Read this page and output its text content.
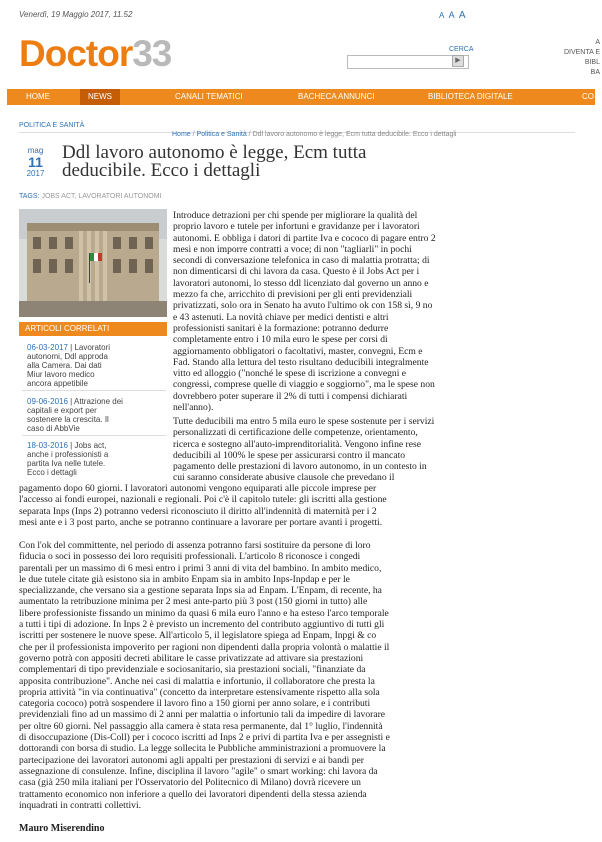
Venerdì, 19 Maggio 2017, 11.52	A A A
Doctor33	CERCA
▶
A
DIVENTA E
BIBL
BA
HOME	NEWS	CANALI TEMATICI	BACHECA ANNUNCI	BIBLIOTECA DIGITALE	CO
POLITICA E SANITÀ
Home / Politica e Sanità / Ddl lavoro autonomo è legge, Ecm tutta deducibile. Ecco i dettagli
mag
11
2017
Ddl lavoro autonomo è legge, Ecm tutta
deducibile. Ecco i dettagli
TAGS: JOBS ACT, LAVORATORI AUTONOMI
ARTICOLI CORRELATI
06-03-2017 | Lavoratori
autonomi, Ddl approda
alla Camera. Dai dati
Miur lavoro medico
ancora appetibile
09-06-2016 | Attrazione dei
capitali e export per
sostenere la crescita. Il
caso di AbbVie
18-03-2016 | Jobs act,
anche i professionisti a
partita Iva nelle tutele.
Ecco i dettagli
Introduce detrazioni per chi spende per migliorare la qualità del
proprio lavoro e tutele per infortuni e gravidanze per i lavoratori
autonomi. E obbliga i datori di partite Iva e cococo di pagare entro 2
mesi e non imporre contratti a voce; di non "tagliarli" in pochi
secondi di conversazione telefonica in caso di malattia protratta; di
non dimenticarsi di chi lavora da casa. Questo è il Jobs Act per i
lavoratori autonomi, lo stesso ddl licenziato dal governo un anno e
mezzo fa che, arricchito di previsioni per gli enti previdenziali
privatizzati, solo ora in Senato ha avuto l'ultimo ok con 158 sì, 9 no
e 43 astenuti. La novità chiave per medici dentisti e altri
professionisti sanitari è la formazione: potranno dedurre
completamente entro i 10 mila euro le spese per corsi di
aggiornamento obbligatori o facoltativi, master, convegni, Ecm e
Fad. Stando alla lettura del testo risultano deducibili integralmente
vitto ed alloggio ("nonché le spese di iscrizione a convegni e
congressi, comprese quelle di viaggio e soggiorno", ma le spese non
dovrebbero poter superare il 2% di tutti i compensi dichiarati
nell'anno).
Tutte deducibili ma entro 5 mila euro le spese sostenute per i servizi
personalizzati di certificazione delle competenze, orientamento,
ricerca e sostegno all'auto-imprenditorialità. Vengono infine rese
deducibili al 100% le spese per assicurarsi contro il mancato
pagamento delle prestazioni di lavoro autonomo, in un contesto in
cui saranno considerate abusive clausole che prevedano il
pagamento dopo 60 giorni. I lavoratori autonomi vengono equiparati alle piccole imprese per
l'accesso ai fondi europei, nazionali e regionali. Poi c'è il capitolo tutele: gli iscritti alla gestione
separata Inps (Inps 2) potranno vedersi riconosciuto il diritto all'indennità di maternità per i 2
mesi ante e i 3 post parto, anche se potranno continuare a lavorare per portare avanti i progetti.
Con l'ok del committente, nel periodo di assenza potranno farsi sostituire da persone di loro
fiducia o soci in possesso dei loro requisiti professionali. L'articolo 8 riconosce i congedi
parentali per un massimo di 6 mesi entro i primi 3 anni di vita del bambino. In ambito medico,
le due tutele citate già esistono sia in ambito Enpam sia in ambito Inps-Inpdap e per le
specializzande, che versano sia a gestione separata Inps sia ad Enpam. L'Enpam, di recente, ha
aumentato la retribuzione minima per 2 mesi ante-parto più 3 post (150 giorni in tutto) alle
libere professioniste fissando un minimo da quasi 6 mila euro l'anno e ha esteso l'arco temporale
a tutti i tipi di adozione. In Inps 2 è previsto un incremento del contributo aggiuntivo di tutti gli
iscritti per sostenere le nuove spese. All'articolo 5, il legislatore spiega ad Enpam, Inpgi & co
che per il professionista impoverito per ragioni non dipendenti dalla propria volontà o malattie il
governo potrà con appositi decreti abilitare le casse privatizzate ad attivare sia prestazioni
complementari di tipo previdenziale e sociosanitario, sia prestazioni sociali, "finanziate da
apposita contribuzione". Anche nei casi di malattia e infortunio, il collaboratore che presta la
propria attività "in via continuativa" (concetto da interpretare estensivamente rispetto alla sola
categoria cococo) potrà sospendere il lavoro fino a 150 giorni per anno solare, e i contributi
previdenziali fino ad un massimo di 2 anni per malattia o infortunio tali da impedire di lavorare
per oltre 60 giorni. Nel passaggio alla camera è stata resa permanente, dal 1° luglio, l'indennità
di disoccupazione (Dis-Coll) per i cococo iscritti ad Inps 2 e privi di partita Iva e per assegnisti e
dottorandi con borsa di studio. La legge sollecita le Pubbliche amministrazioni a promuovere la
partecipazione dei lavoratori autonomi agli appalti per prestazioni di servizi e ai bandi per
assegnazione di consulenze. Infine, disciplina il lavoro "agile" o smart working: chi lavora da
casa (già 250 mila italiani per l'Osservatorio del Politecnico di Milano) dovrà ricevere un
trattamento economico non inferiore a quello dei lavoratori dipendenti della stessa azienda
inquadrati in contratti collettivi.
Mauro Miserendino
